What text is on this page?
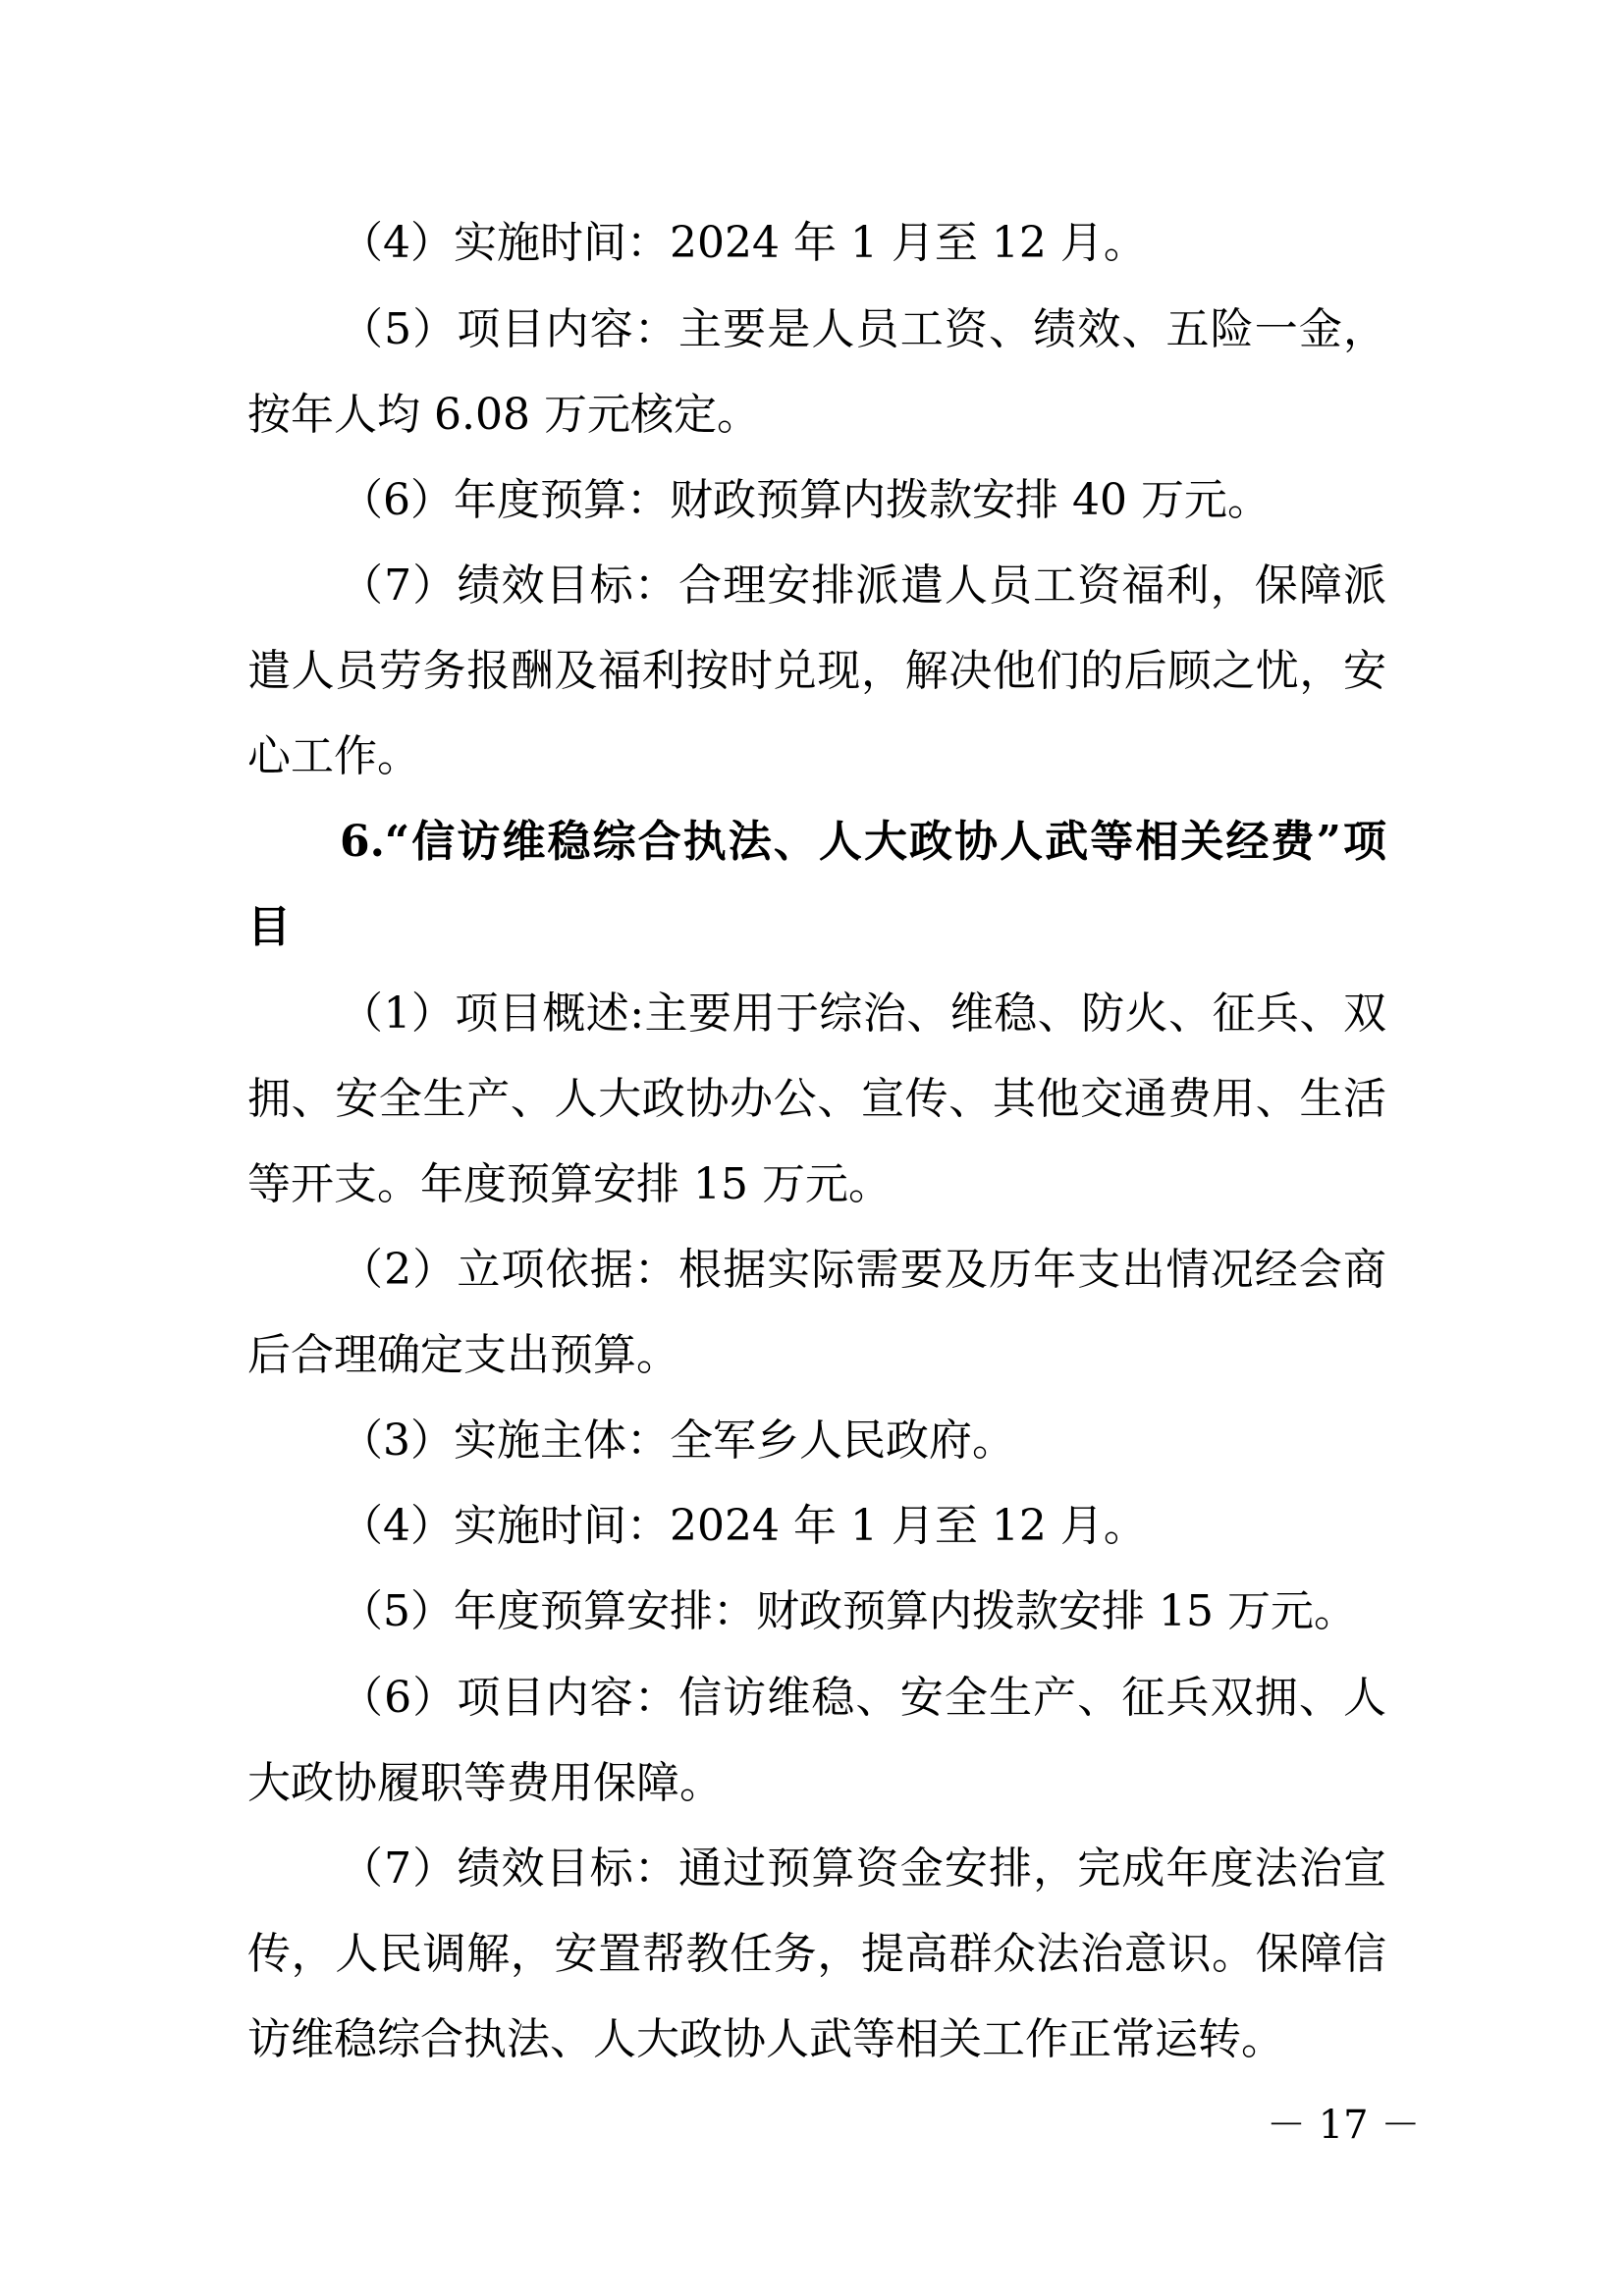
（4）实施时间：2024 年 1 月至 12 月。
（5）项目内容：主要是人员工资、绩效、五险一金，
按年人均 6.08 万元核定。
（6）年度预算：财政预算内拨款安排 40 万元。
（7）绩效目标：合理安排派遣人员工资福利，保障派
遣人员劳务报酬及福利按时兑现，解决他们的后顾之忧，安
心工作。
6.“信访维稳综合执法、人大政协人武等相关经费”项
目
（1）项目概述:主要用于综治、维稳、防火、征兵、双
拥、安全生产、人大政协办公、宣传、其他交通费用、生活
等开支。年度预算安排 15 万元。
（2）立项依据：根据实际需要及历年支出情况经会商
后合理确定支出预算。
（3）实施主体：全军乡人民政府。
（4）实施时间：2024 年 1 月至 12 月。
（5）年度预算安排：财政预算内拨款安排 15 万元。
（6）项目内容：信访维稳、安全生产、征兵双拥、人
大政协履职等费用保障。
（7）绩效目标：通过预算资金安排，完成年度法治宣
传，人民调解，安置帮教任务，提高群众法治意识。保障信
访维稳综合执法、人大政协人武等相关工作正常运转。
－ 17 －
